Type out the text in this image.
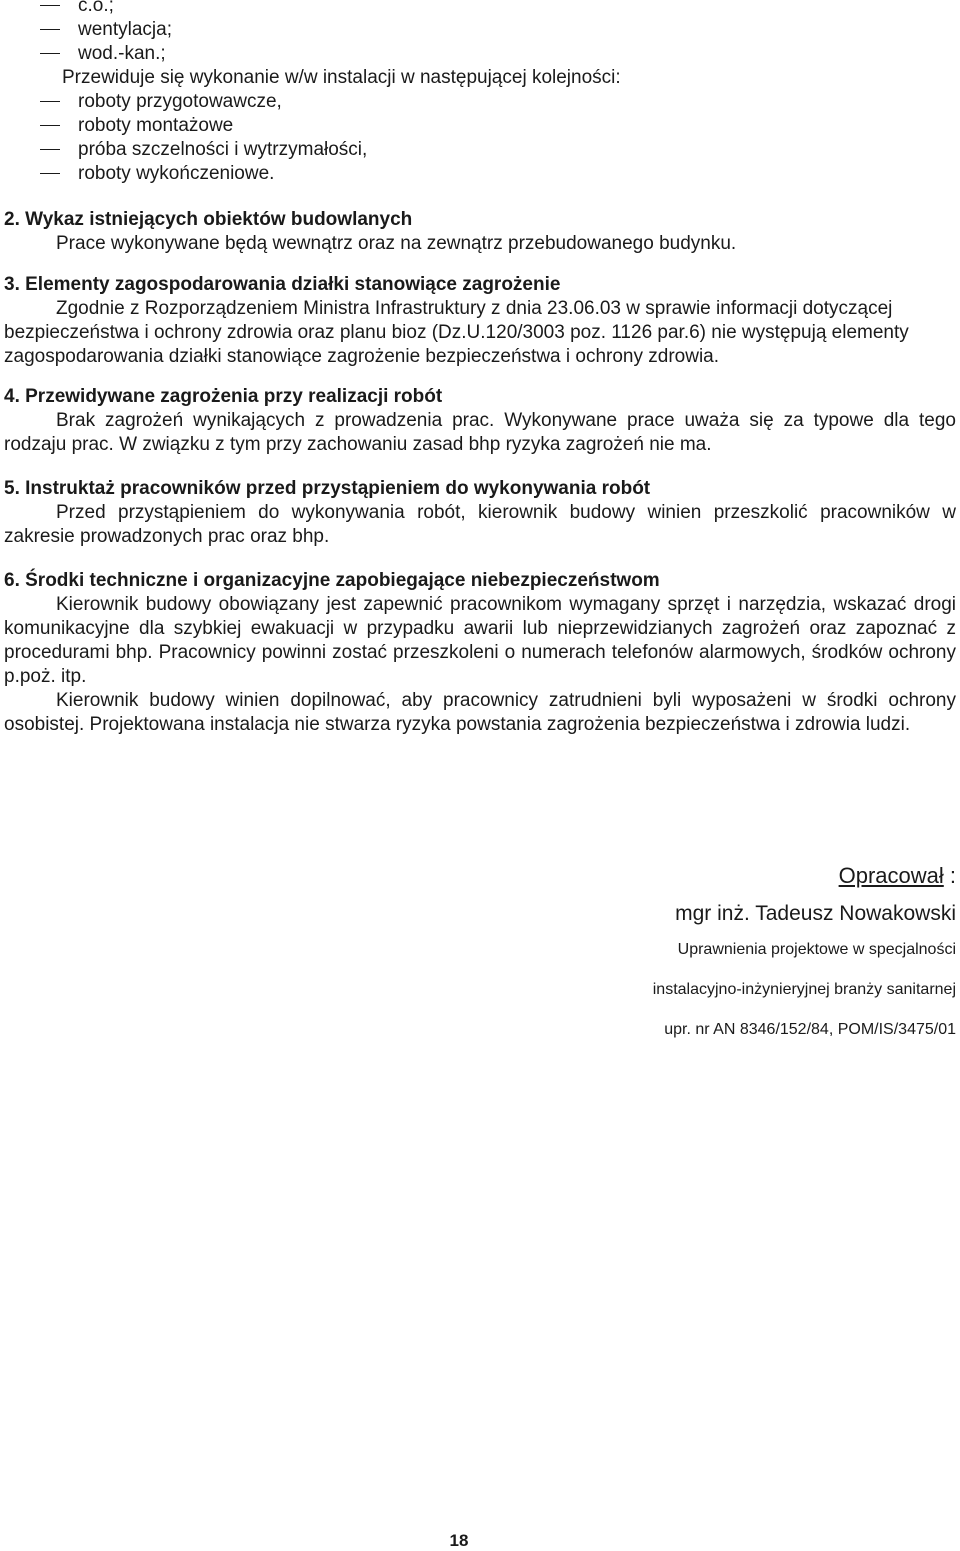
c.o.;
wentylacja;
wod.-kan.;
Przewiduje się wykonanie w/w instalacji w następującej kolejności:
roboty przygotowawcze,
roboty montażowe
próba szczelności i wytrzymałości,
roboty wykończeniowe.
2. Wykaz istniejących obiektów budowlanych

Prace wykonywane będą wewnątrz oraz na zewnątrz przebudowanego budynku.

3. Elementy zagospodarowania działki stanowiące zagrożenie

Zgodnie z Rozporządzeniem Ministra Infrastruktury z dnia 23.06.03 w sprawie informacji dotyczącej bezpieczeństwa i ochrony zdrowia oraz planu bioz (Dz.U.120/3003 poz. 1126 par.6) nie występują elementy zagospodarowania działki stanowiące zagrożenie bezpieczeństwa i ochrony zdrowia.

4. Przewidywane zagrożenia przy realizacji robót

Brak zagrożeń wynikających z prowadzenia prac. Wykonywane prace uważa się za typowe dla tego rodzaju prac. W związku z tym przy zachowaniu zasad bhp ryzyka zagrożeń nie ma.

5. Instruktaż pracowników przed przystąpieniem do wykonywania robót

Przed przystąpieniem do wykonywania robót, kierownik budowy winien przeszkolić pracowników w zakresie prowadzonych prac oraz bhp.

6. Środki techniczne i organizacyjne zapobiegające niebezpieczeństwom

Kierownik budowy obowiązany jest zapewnić pracownikom wymagany sprzęt i narzędzia, wskazać drogi komunikacyjne dla szybkiej ewakuacji w przypadku awarii lub nieprzewidzianych zagrożeń oraz zapoznać z procedurami bhp. Pracownicy powinni zostać przeszkoleni o numerach telefonów alarmowych, środków ochrony p.poż. itp.

Kierownik budowy winien dopilnować, aby pracownicy zatrudnieni byli wyposażeni w środki ochrony osobistej. Projektowana instalacja nie stwarza ryzyka powstania zagrożenia bezpieczeństwa i zdrowia ludzi.

Opracował :
mgr inż. Tadeusz Nowakowski
Uprawnienia projektowe w specjalności
instalacyjno-inżynieryjnej branży sanitarnej
upr. nr AN 8346/152/84, POM/IS/3475/01
18
